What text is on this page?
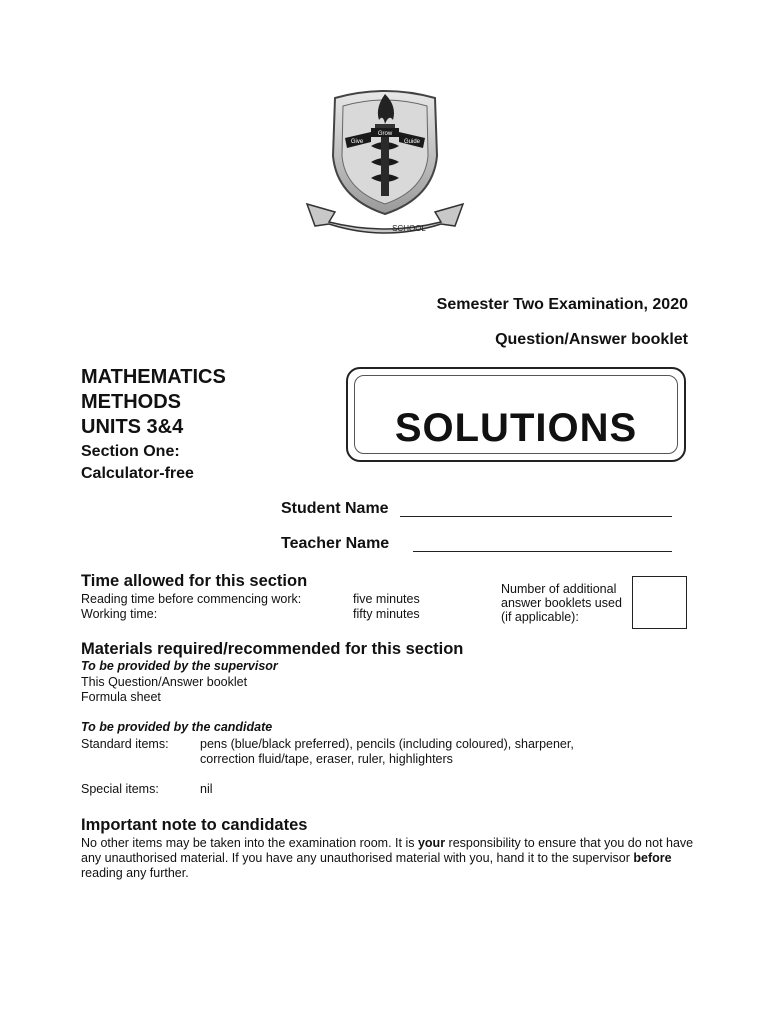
Grow
Give	Guide
SCHOOL
Semester Two Examination, 2020
Question/Answer booklet
MATHEMATICS
METHODS
UNITS 3&4
Section One:
Calculator-free
SOLUTIONS
Student Name
Teacher Name
Time allowed for this section
Reading time before commencing work:	five minutes
Working time:	fifty minutes
Number of additional
answer booklets used
(if applicable):
Materials required/recommended for this section
To be provided by the supervisor
This Question/Answer booklet
Formula sheet
To be provided by the candidate
Standard items:	pens (blue/black preferred), pencils (including coloured), sharpener,
correction fluid/tape, eraser, ruler, highlighters
Special items:	nil
Important note to candidates
No other items may be taken into the examination room. It is your responsibility to ensure that you do not have any unauthorised material. If you have any unauthorised material with you, hand it to the supervisor before reading any further.
